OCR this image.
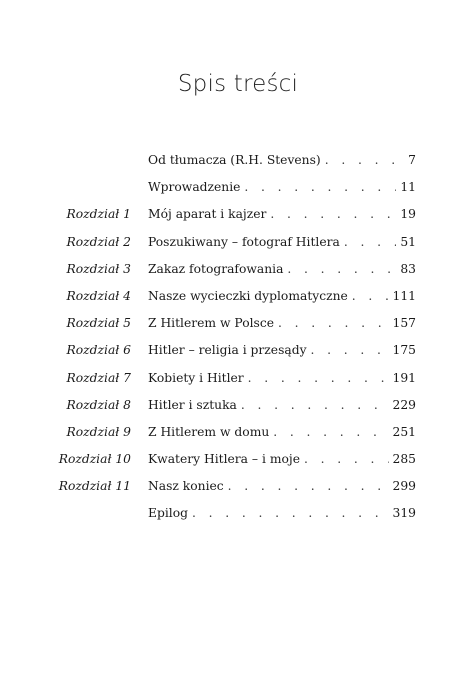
Spis treści
Od tłumacza (R.H. Stevens) . . .	7
Wprowadzenie . . .	11
Rozdział 1 Mój aparat i kajzer . . .	19
Rozdział 2 Poszukiwany – fotograf Hitlera . . .	51
Rozdział 3 Zakaz fotografowania . . .	83
Rozdział 4 Nasze wycieczki dyplomatyczne . . .	111
Rozdział 5 Z Hitlerem w Polsce . . .	157
Rozdział 6 Hitler – religia i przesądy . . .	175
Rozdział 7 Kobiety i Hitler . . .	191
Rozdział 8 Hitler i sztuka . . .	229
Rozdział 9 Z Hitlerem w domu . . .	251
Rozdział 10 Kwatery Hitlera – i moje . . .	285
Rozdział 11 Nasz koniec . . .	299
Epilog . . .	319
